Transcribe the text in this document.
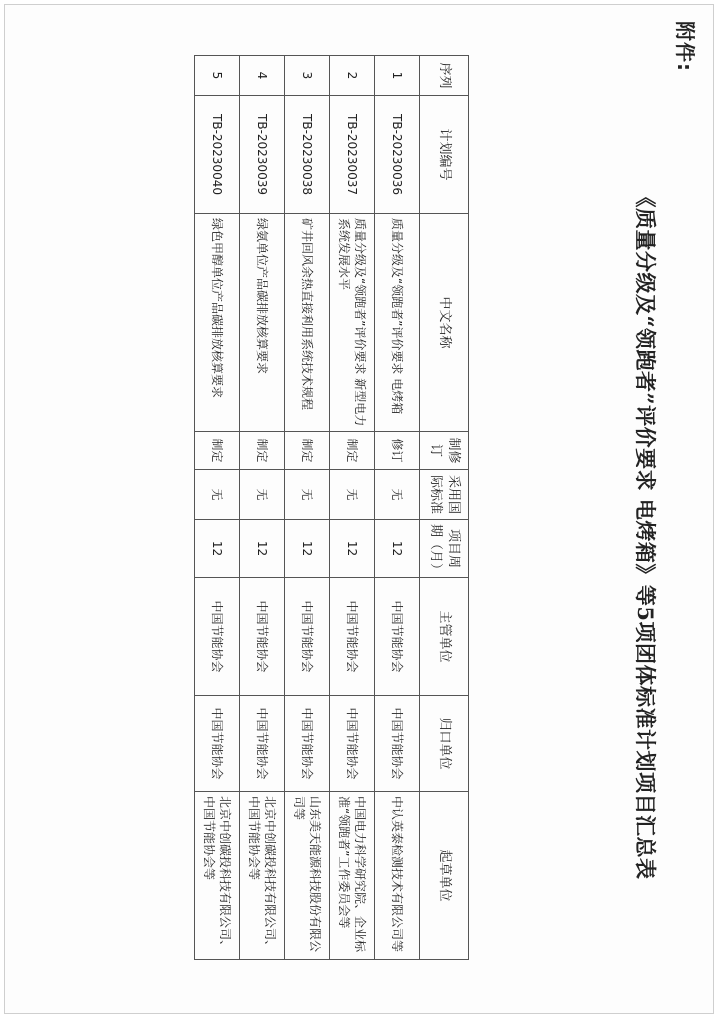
附件:
《质量分级及“领跑者”评价要求 电烤箱》等5项团体标准计划项目汇总表
序列	计划编号	中文名称	制修订	采用国际标准	项目周期（月）	主管单位	归口单位	起草单位
1	TB-20230036	质量分级及“领跑者”评价要求 电烤箱	修订	无	12	中国节能协会	中国节能协会	中认英泰检测技术有限公司等
2	TB-20230037	质量分级及“领跑者”评价要求 新型电力系统发展水平	制定	无	12	中国节能协会	中国节能协会	中国电力科学研究院、企业标准“领跑者”工作委员会等
3	TB-20230038	矿井回风余热直接利用系统技术规程	制定	无	12	中国节能协会	中国节能协会	山东美天能源科技股份有限公司等
4	TB-20230039	绿氨单位产品碳排放核算要求	制定	无	12	中国节能协会	中国节能协会	北京中创碳投科技有限公司、中国节能协会等
5	TB-20230040	绿色甲醇单位产品碳排放核算要求	制定	无	12	中国节能协会	中国节能协会	北京中创碳投科技有限公司、中国节能协会等
